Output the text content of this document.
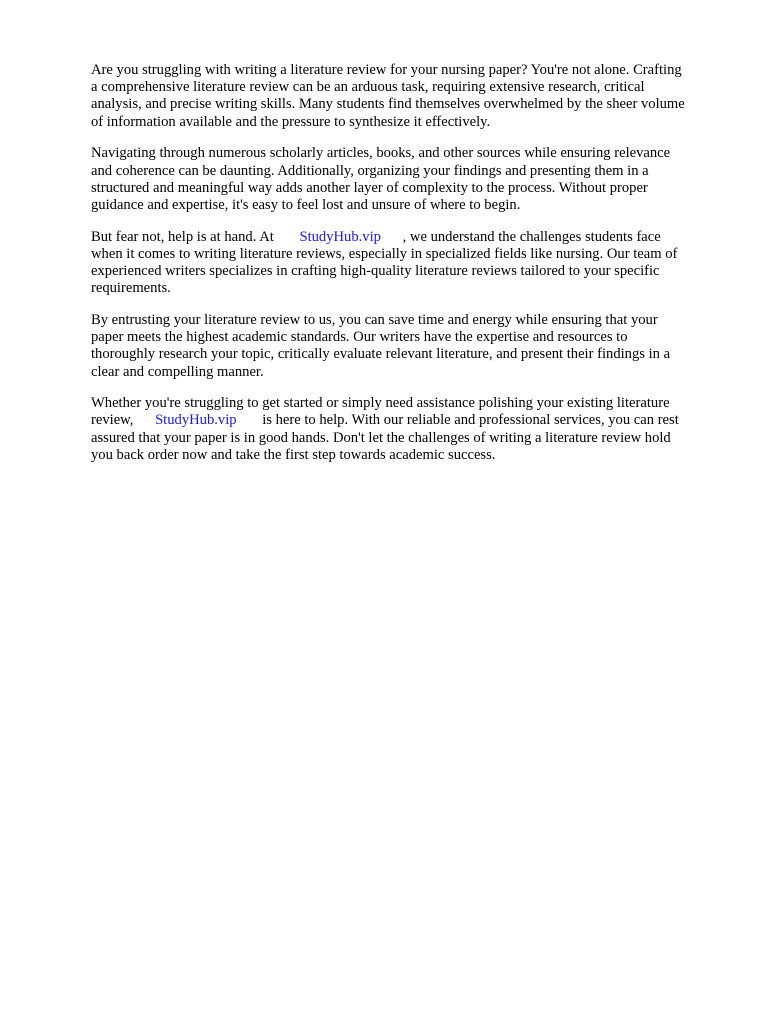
Are you struggling with writing a literature review for your nursing paper? You're not alone. Crafting
a comprehensive literature review can be an arduous task, requiring extensive research, critical
analysis, and precise writing skills. Many students find themselves overwhelmed by the sheer volume
of information available and the pressure to synthesize it effectively.

Navigating through numerous scholarly articles, books, and other sources while ensuring relevance
and coherence can be daunting. Additionally, organizing your findings and presenting them in a
structured and meaningful way adds another layer of complexity to the process. Without proper
guidance and expertise, it's easy to feel lost and unsure of where to begin.

But fear not, help is at hand. At StudyHub.vip , we understand the challenges students face
when it comes to writing literature reviews, especially in specialized fields like nursing. Our team of
experienced writers specializes in crafting high-quality literature reviews tailored to your specific
requirements.

By entrusting your literature review to us, you can save time and energy while ensuring that your
paper meets the highest academic standards. Our writers have the expertise and resources to
thoroughly research your topic, critically evaluate relevant literature, and present their findings in a
clear and compelling manner.

Whether you're struggling to get started or simply need assistance polishing your existing literature
review, StudyHub.vip is here to help. With our reliable and professional services, you can rest
assured that your paper is in good hands. Don't let the challenges of writing a literature review hold
you back order now and take the first step towards academic success.
